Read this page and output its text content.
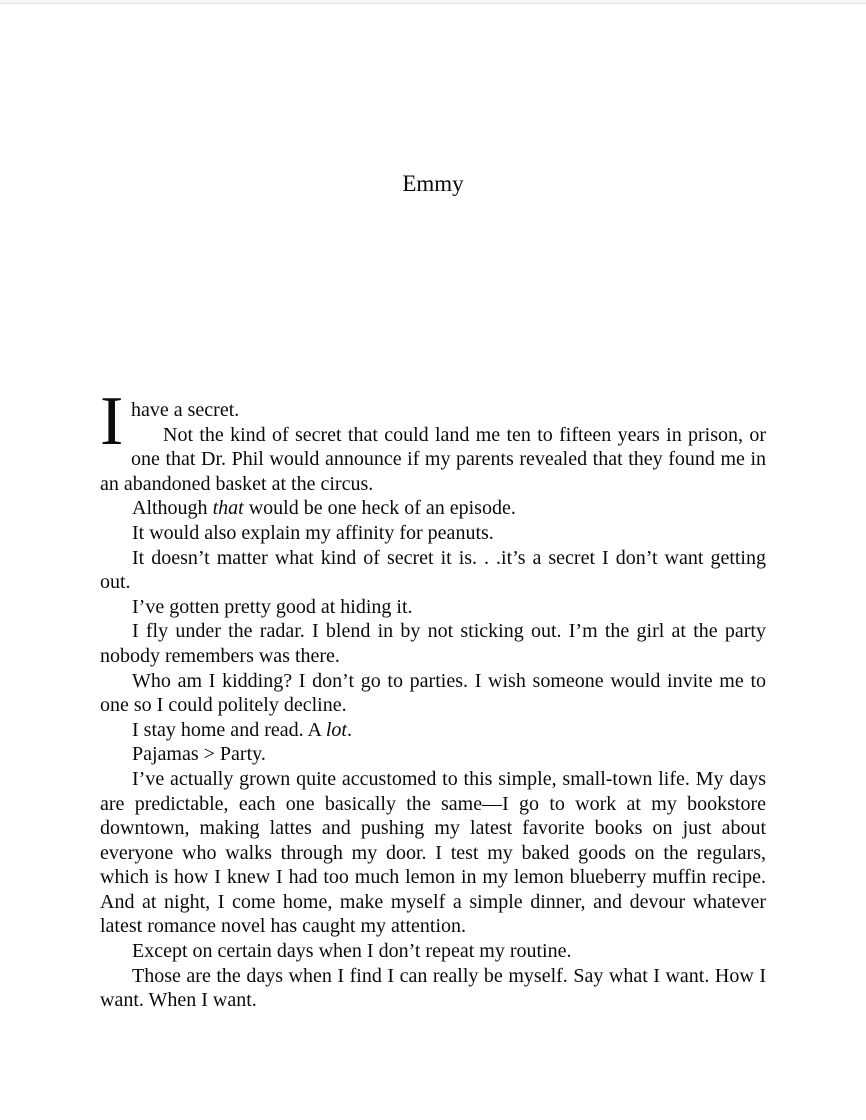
Emmy

Ihave a secret.

Not the kind of secret that could land me ten to fifteen years in prison, or one that Dr. Phil would announce if my parents revealed that they found me in an abandoned basket at the circus.

Although that would be one heck of an episode.

It would also explain my affinity for peanuts.

It doesn’t matter what kind of secret it is. . .it’s a secret I don’t want getting out.

I’ve gotten pretty good at hiding it.

I fly under the radar. I blend in by not sticking out. I’m the girl at the party nobody remembers was there.

Who am I kidding? I don’t go to parties. I wish someone would invite me to one so I could politely decline.

I stay home and read. A lot.

Pajamas > Party.

I’ve actually grown quite accustomed to this simple, small-town life. My days are predictable, each one basically the same—I go to work at my bookstore downtown, making lattes and pushing my latest favorite books on just about everyone who walks through my door. I test my baked goods on the regulars, which is how I knew I had too much lemon in my lemon blueberry muffin recipe. And at night, I come home, make myself a simple dinner, and devour whatever latest romance novel has caught my attention.

Except on certain days when I don’t repeat my routine.

Those are the days when I find I can really be myself. Say what I want. How I want. When I want.
